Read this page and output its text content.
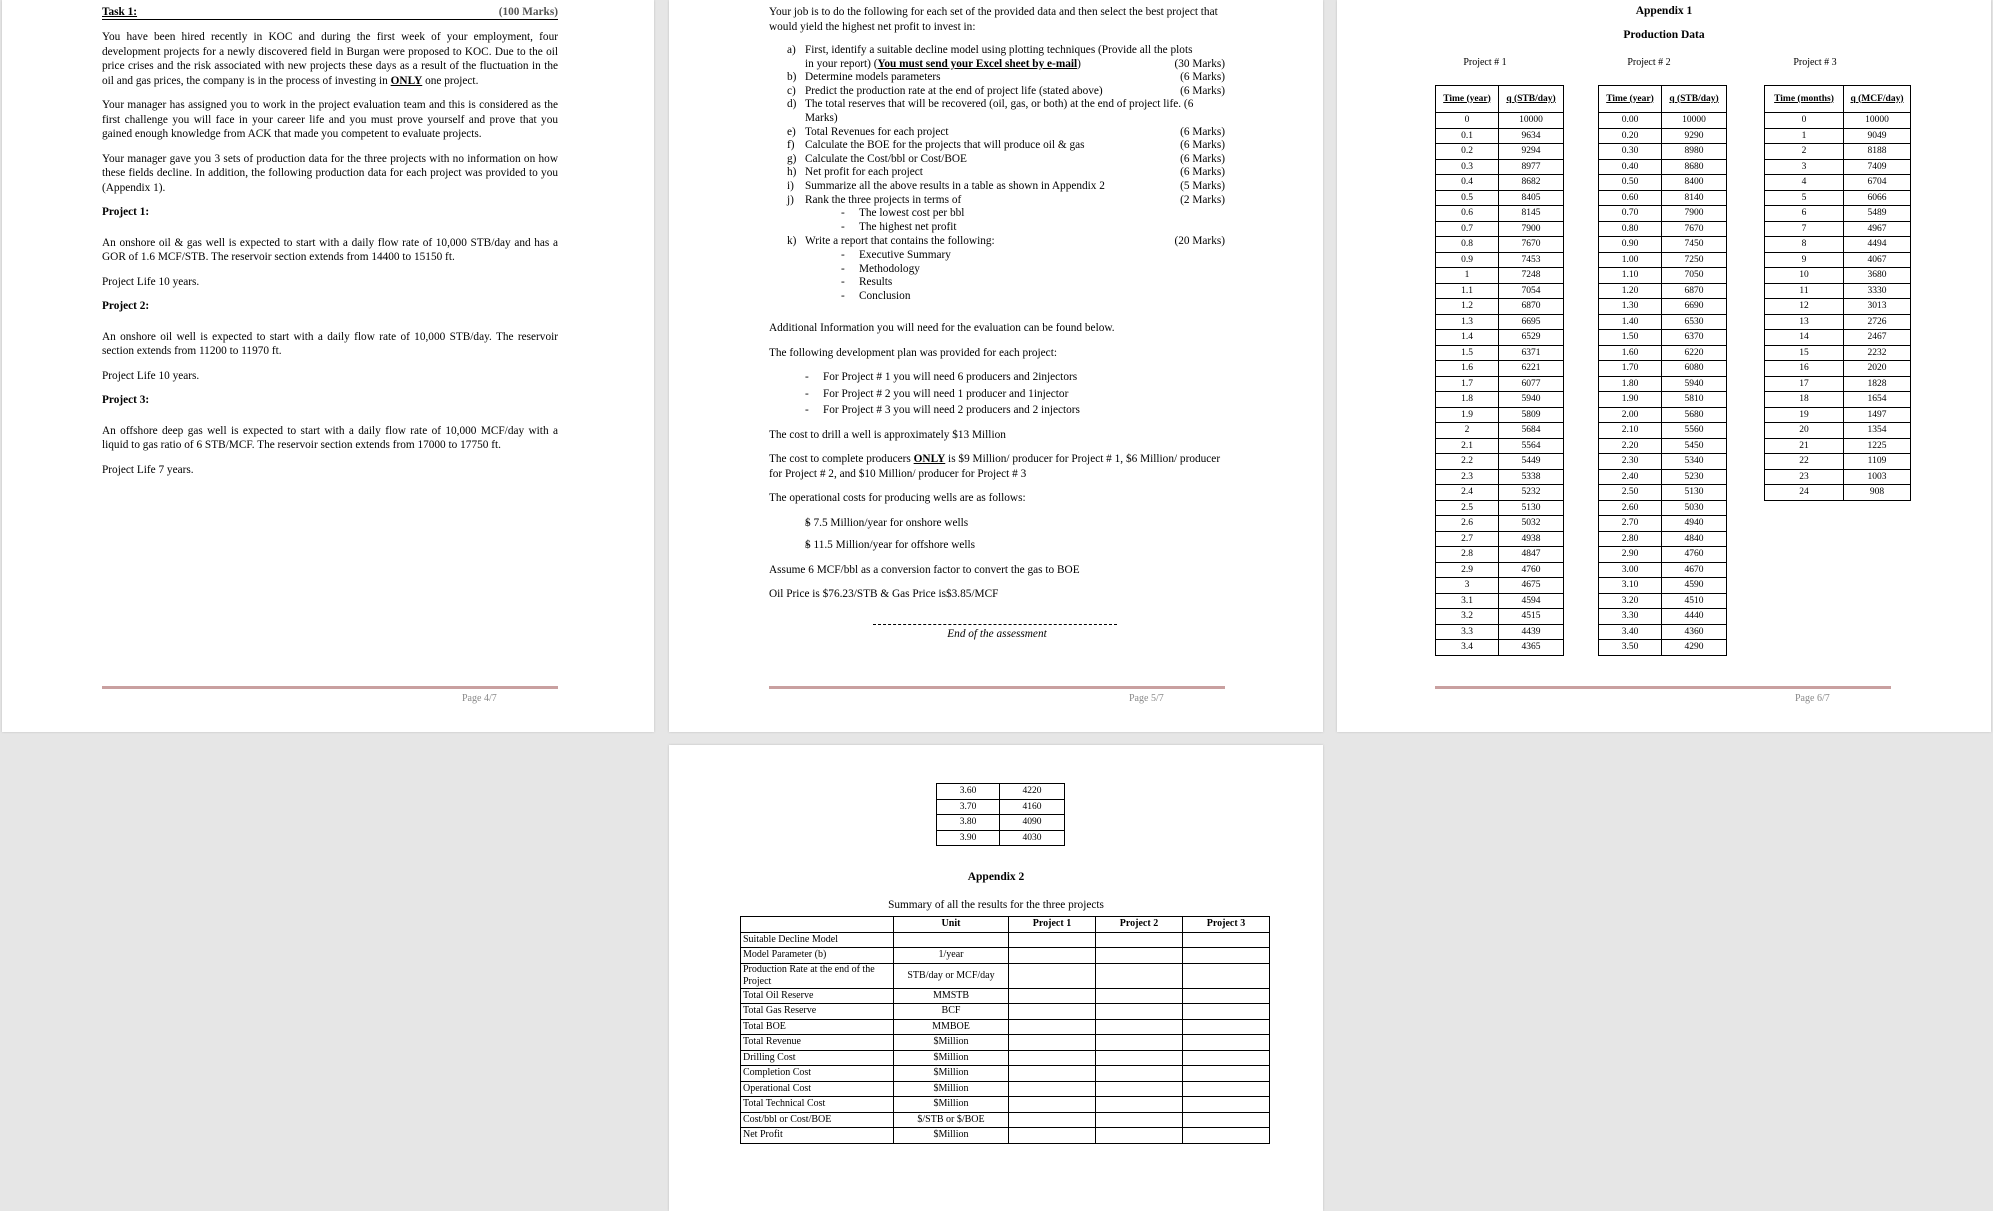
Task 1:	(100 Marks)

You have been hired recently in KOC and during the first week of your employment, four development projects for a newly discovered field in Burgan were proposed to KOC. Due to the oil price crises and the risk associated with new projects these days as a result of the fluctuation in the oil and gas prices, the company is in the process of investing in ONLY one project.

Your manager has assigned you to work in the project evaluation team and this is considered as the first challenge you will face in your career life and you must prove yourself and prove that you gained enough knowledge from ACK that made you competent to evaluate projects.

Your manager gave you 3 sets of production data for the three projects with no information on how these fields decline. In addition, the following production data for each project was provided to you (Appendix 1).

Project 1:

An onshore oil & gas well is expected to start with a daily flow rate of 10,000 STB/day and has a GOR of 1.6 MCF/STB. The reservoir section extends from 14400 to 15150 ft.

Project Life 10 years.

Project 2:

An onshore oil well is expected to start with a daily flow rate of 10,000 STB/day. The reservoir section extends from 11200 to 11970 ft.

Project Life 10 years.

Project 3:

An offshore deep gas well is expected to start with a daily flow rate of 10,000 MCF/day with a liquid to gas ratio of 6 STB/MCF. The reservoir section extends from 17000 to 17750 ft.

Project Life 7 years.

Page 4/7

Your job is to do the following for each set of the provided data and then select the best project that would yield the highest net profit to invest in:

a) First, identify a suitable decline model using plotting techniques (Provide all the plots
in your report) (You must send your Excel sheet by e-mail)	(30 Marks)
b) Determine models parameters	(6 Marks)
c) Predict the production rate at the end of project life (stated above)	(6 Marks)
d) The total reserves that will be recovered (oil, gas, or both) at the end of project life. (6 Marks)
e) Total Revenues for each project	(6 Marks)
f) Calculate the BOE for the projects that will produce oil & gas	(6 Marks)
g) Calculate the Cost/bbl or Cost/BOE	(6 Marks)
h) Net profit for each project	(6 Marks)
i) Summarize all the above results in a table as shown in Appendix 2	(5 Marks)
j) Rank the three projects in terms of	(2 Marks)
- The lowest cost per bbl
- The highest net profit
k) Write a report that contains the following:	(20 Marks)
- Executive Summary
- Methodology
- Results
- Conclusion

Additional Information you will need for the evaluation can be found below.

The following development plan was provided for each project:

- For Project # 1 you will need 6 producers and 2injectors
- For Project # 2 you will need 1 producer and 1injector
- For Project # 3 you will need 2 producers and 2 injectors

The cost to drill a well is approximately $13 Million

The cost to complete producers ONLY is $9 Million/ producer for Project # 1, $6 Million/ producer for Project # 2, and $10 Million/ producer for Project # 3

The operational costs for producing wells are as follows:

- $ 7.5 Million/year for onshore wells
- $ 11.5 Million/year for offshore wells

Assume 6 MCF/bbl as a conversion factor to convert the gas to BOE

Oil Price is $76.23/STB & Gas Price is$3.85/MCF

End of the assessment
Page 5/7
Appendix 1
Production Data
Project # 1	Project # 2	Project # 3
Time (year)	q (STB/day)
0	10000
0.1	9634
0.2	9294
0.3	8977
0.4	8682
0.5	8405
0.6	8145
0.7	7900
0.8	7670
0.9	7453
1	7248
1.1	7054
1.2	6870
1.3	6695
1.4	6529
1.5	6371
1.6	6221
1.7	6077
1.8	5940
1.9	5809
2	5684
2.1	5564
2.2	5449
2.3	5338
2.4	5232
2.5	5130
2.6	5032
2.7	4938
2.8	4847
2.9	4760
3	4675
3.1	4594
3.2	4515
3.3	4439
3.4	4365
Time (year)	q (STB/day)
0.00	10000
0.20	9290
0.30	8980
0.40	8680
0.50	8400
0.60	8140
0.70	7900
0.80	7670
0.90	7450
1.00	7250
1.10	7050
1.20	6870
1.30	6690
1.40	6530
1.50	6370
1.60	6220
1.70	6080
1.80	5940
1.90	5810
2.00	5680
2.10	5560
2.20	5450
2.30	5340
2.40	5230
2.50	5130
2.60	5030
2.70	4940
2.80	4840
2.90	4760
3.00	4670
3.10	4590
3.20	4510
3.30	4440
3.40	4360
3.50	4290
Time (months)	q (MCF/day)
0	10000
1	9049
2	8188
3	7409
4	6704
5	6066
6	5489
7	4967
8	4494
9	4067
10	3680
11	3330
12	3013
13	2726
14	2467
15	2232
16	2020
17	1828
18	1654
19	1497
20	1354
21	1225
22	1109
23	1003
24	908
Page 6/7
3.60	4220
3.70	4160
3.80	4090
3.90	4030
Appendix 2
Summary of all the results for the three projects
	Unit	Project 1	Project 2	Project 3
Suitable Decline Model				
Model Parameter (b)	1/year			
Production Rate at the end of the Project	STB/day or MCF/day			
Total Oil Reserve	MMSTB			
Total Gas Reserve	BCF			
Total BOE	MMBOE			
Total Revenue	$Million			
Drilling Cost	$Million			
Completion Cost	$Million			
Operational Cost	$Million			
Total Technical Cost	$Million			
Cost/bbl or Cost/BOE	$/STB or $/BOE			
Net Profit	$Million			
